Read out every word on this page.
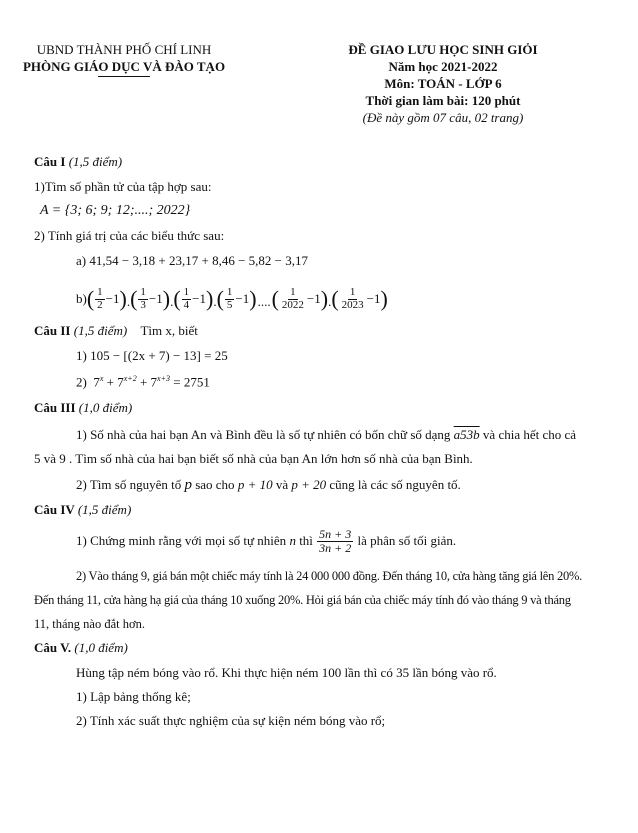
UBND THÀNH PHỐ CHÍ LINH
PHÒNG GIÁO DỤC VÀ ĐÀO TẠO
ĐỀ GIAO LƯU HỌC SINH GIỎI
Năm học 2021-2022
Môn: TOÁN - LỚP 6
Thời gian làm bài: 120 phút
(Đề này gồm 07 câu, 02 trang)
Câu I (1,5 điểm)
1)Tìm số phần tử của tập hợp sau:
A = {3; 6; 9; 12;....; 2022}
2) Tính giá trị của các biểu thức sau:
a) 41,54 − 3,18 + 23,17 + 8,46 − 5,82 − 3,17
b) ( $\frac{1}{2} -1$ ) . ( $\frac{1}{3} -1$ ) . ( $\frac{1}{4} -1$ ) . ( $\frac{1}{5} -1$ ) .... ( $\frac{1}{2022} -1$ ) . ( $\frac{1}{2023} -1$ )
Câu II (1,5 điểm) Tìm x, biết
1) 105 − [(2x + 7) − 13] = 25
2) $7^x + 7^{x+2} + 7^{x+3} = 2751$
Câu III (1,0 điểm)
1) Số nhà của hai bạn An và Bình đều là số tự nhiên có bốn chữ số dạng a53b và chia hết cho cả
5 và 9 . Tìm số nhà của hai bạn biết số nhà của bạn An lớn hơn số nhà của bạn Bình.
2) Tìm số nguyên tố p sao cho p + 10 và p + 20 cũng là các số nguyên tố.
Câu IV (1,5 điểm)
1) Chứng minh rằng với mọi số tự nhiên
n
thì
$\frac{5n + 3}{3n + 2}$
là phân số tối giản.
2) Vào tháng 9, giá bán một chiếc máy tính là 24 000 000 đồng. Đến tháng 10, cửa hàng tăng giá lên 20%.
Đến tháng 11, cửa hàng hạ giá của tháng 10 xuống 20%. Hỏi giá bán của chiếc máy tính đó vào tháng 9 và tháng
11, tháng nào đắt hơn.
Câu V. (1,0 điểm)
Hùng tập ném bóng vào rổ. Khi thực hiện ném 100 lần thì có 35 lần bóng vào rổ.
1) Lập bảng thống kê;
2) Tính xác suất thực nghiệm của sự kiện ném bóng vào rổ;
